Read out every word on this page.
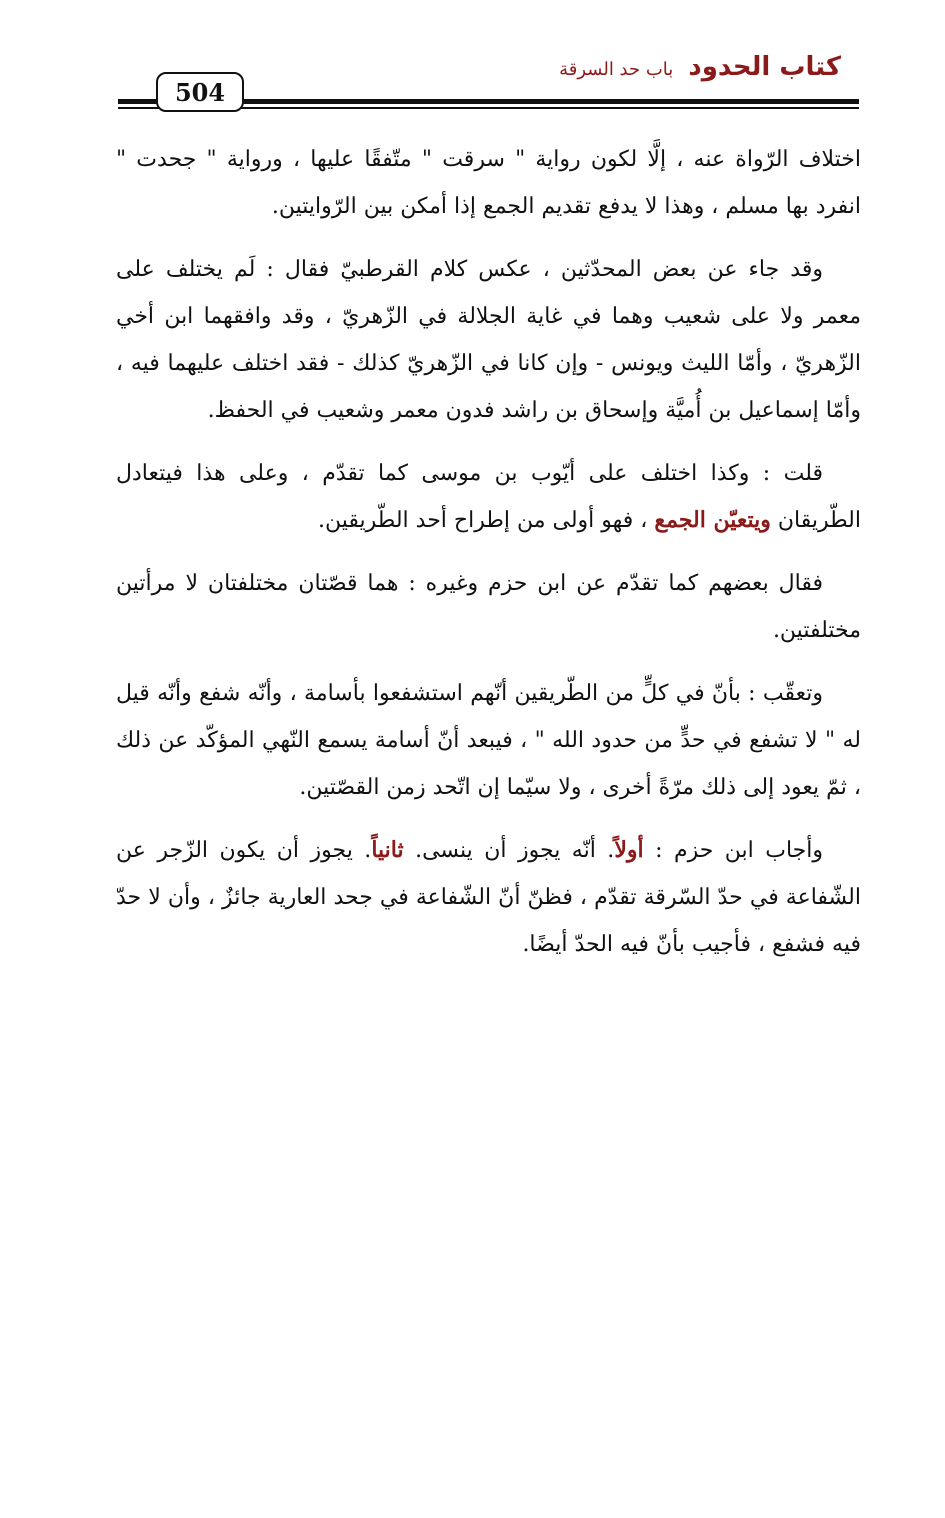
كتاب الحدود باب حد السرقة
504

اختلاف الرّواة عنه ، إلَّا لكون رواية " سرقت " متّفقًا عليها ، ورواية " جحدت " انفرد بها مسلم ، وهذا لا يدفع تقديم الجمع إذا أمكن بين الرّوايتين.

وقد جاء عن بعض المحدّثين ، عكس كلام القرطبيّ فقال : لَم يختلف على معمر ولا على شعيب وهما في غاية الجلالة في الزّهريّ ، وقد وافقهما ابن أخي الزّهريّ ، وأمّا الليث ويونس - وإن كانا في الزّهريّ كذلك - فقد اختلف عليهما فيه ، وأمّا إسماعيل بن أُميَّة وإسحاق بن راشد فدون معمر وشعيب في الحفظ.

قلت : وكذا اختلف على أيّوب بن موسى كما تقدّم ، وعلى هذا فيتعادل الطّريقان ويتعيّن الجمع ، فهو أولى من إطراح أحد الطّريقين.

فقال بعضهم كما تقدّم عن ابن حزم وغيره : هما قصّتان مختلفتان لا مرأتين مختلفتين.

وتعقّب : بأنّ في كلٍّ من الطّريقين أنّهم استشفعوا بأسامة ، وأنّه شفع وأنّه قيل له " لا تشفع في حدٍّ من حدود الله " ، فيبعد أنّ أسامة يسمع النّهي المؤكّد عن ذلك ، ثمّ يعود إلى ذلك مرّةً أخرى ، ولا سيّما إن اتّحد زمن القصّتين.

وأجاب ابن حزم : أولاً. أنّه يجوز أن ينسى. ثانياً. يجوز أن يكون الزّجر عن الشّفاعة في حدّ السّرقة تقدّم ، فظنّ أنّ الشّفاعة في جحد العارية جائزٌ ، وأن لا حدّ فيه فشفع ، فأجيب بأنّ فيه الحدّ أيضًا.
